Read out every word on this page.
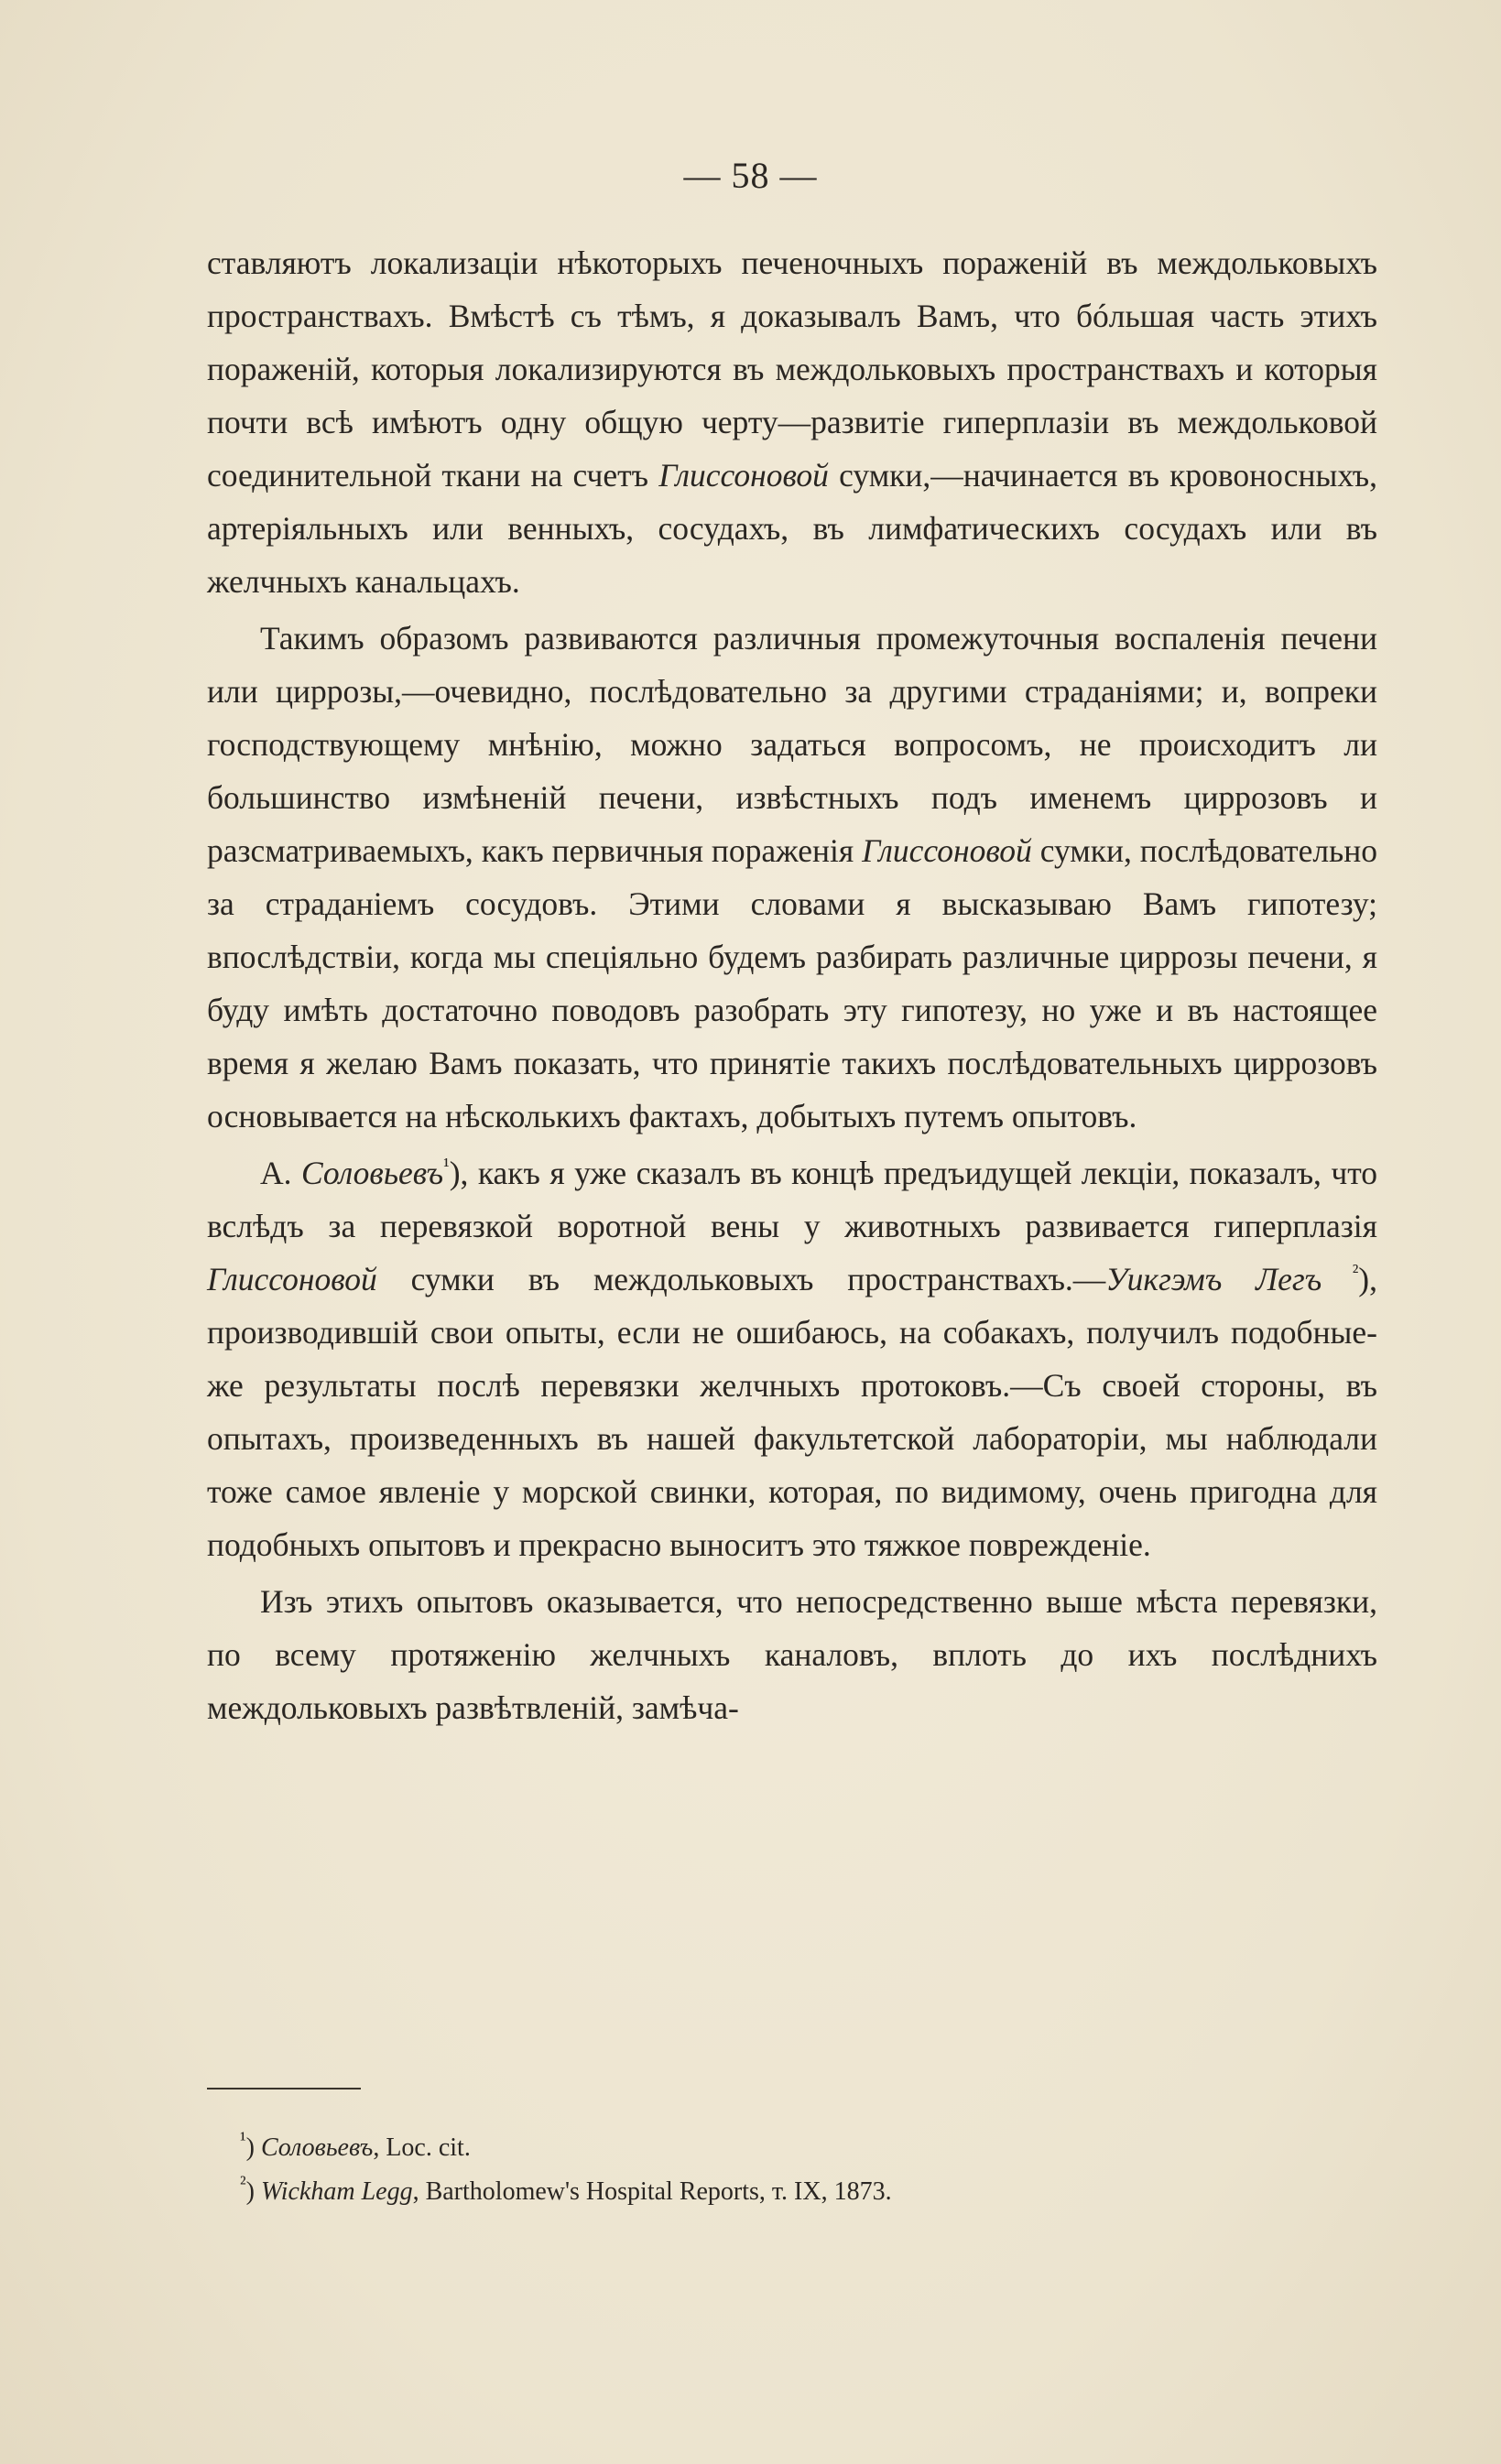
— 58 —

ставляютъ локализаціи нѣкоторыхъ печеночныхъ пораженій въ междольковыхъ пространствахъ. Вмѣстѣ съ тѣмъ, я доказывалъ Вамъ, что бóльшая часть этихъ пораженій, которыя локализируются въ междольковыхъ пространствахъ и которыя почти всѣ имѣютъ одну общую черту—развитіе гиперплазіи въ междольковой соединительной ткани на счетъ Глиссоновой сумки,—начинается въ кровоносныхъ, артеріяльныхъ или венныхъ, сосудахъ, въ лимфатическихъ сосудахъ или въ желчныхъ канальцахъ.

Такимъ образомъ развиваются различныя промежуточныя воспаленія печени или циррозы,—очевидно, послѣдовательно за другими страданіями; и, вопреки господствующему мнѣнію, можно задаться вопросомъ, не происходитъ ли большинство измѣненій печени, извѣстныхъ подъ именемъ циррозовъ и разсматриваемыхъ, какъ первичныя пораженія Глиссоновой сумки, послѣдовательно за страданіемъ сосудовъ. Этими словами я высказываю Вамъ гипотезу; впослѣдствіи, когда мы спеціяльно будемъ разбирать различные циррозы печени, я буду имѣть достаточно поводовъ разобрать эту гипотезу, но уже и въ настоящее время я желаю Вамъ показать, что принятіе такихъ послѣдовательныхъ циррозовъ основывается на нѣсколькихъ фактахъ, добытыхъ путемъ опытовъ.

А. Соловьевъ$^{^1}$), какъ я уже сказалъ въ концѣ предъидущей лекціи, показалъ, что вслѣдъ за перевязкой воротной вены у животныхъ развивается гиперплазія Глиссоновой сумки въ междольковыхъ пространствахъ.—Уикгэмъ Легъ $^{^2}$), производившій свои опыты, если не ошибаюсь, на собакахъ, получилъ подобные-же результаты послѣ перевязки желчныхъ протоковъ.—Съ своей стороны, въ опытахъ, произведенныхъ въ нашей факультетской лабораторіи, мы наблюдали тоже самое явленіе у морской свинки, которая, по видимому, очень пригодна для подобныхъ опытовъ и прекрасно выноситъ это тяжкое поврежденіе.

Изъ этихъ опытовъ оказывается, что непосредственно выше мѣста перевязки, по всему протяженію желчныхъ каналовъ, вплоть до ихъ послѣднихъ междольковыхъ развѣтвленій, замѣча-

$^{^1}$) Соловьевъ, Loc. cit.

$^{^2}$) Wickham Legg, Bartholomew's Hospital Reports, т. IX, 1873.
